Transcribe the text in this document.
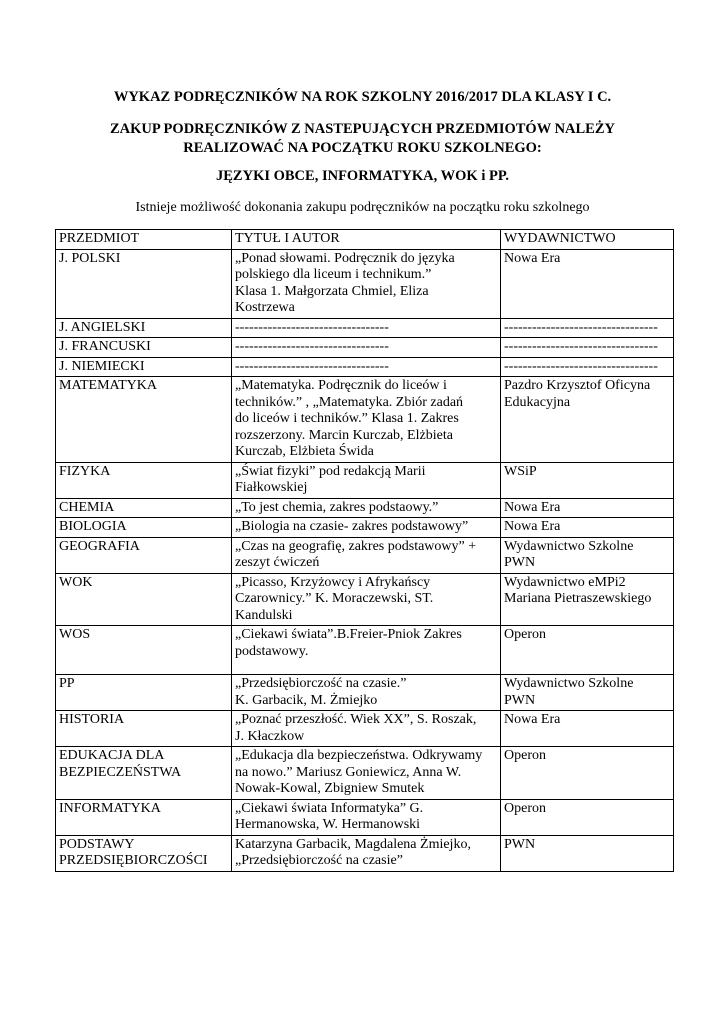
WYKAZ PODRĘCZNIKÓW NA ROK SZKOLNY 2016/2017 DLA KLASY I C.
ZAKUP PODRĘCZNIKÓW Z NASTEPUJĄCYCH PRZEDMIOTÓW NALEŻY
REALIZOWAĆ NA POCZĄTKU ROKU SZKOLNEGO:
JĘZYKI OBCE, INFORMATYKA, WOK i PP.

Istnieje możliwość dokonania zakupu podręczników na początku roku szkolnego

PRZEDMIOT	TYTUŁ I AUTOR	WYDAWNICTWO
J. POLSKI	„Ponad słowami. Podręcznik do języka
polskiego dla liceum i technikum.”
Klasa 1. Małgorzata Chmiel, Eliza
Kostrzewa	Nowa Era
J. ANGIELSKI	---------------------------------	---------------------------------
J. FRANCUSKI	---------------------------------	---------------------------------
J. NIEMIECKI	---------------------------------	---------------------------------
MATEMATYKA	„Matematyka. Podręcznik do liceów i
techników.” , „Matematyka. Zbiór zadań
do liceów i techników.” Klasa 1. Zakres
rozszerzony. Marcin Kurczab, Elżbieta
Kurczab, Elżbieta Świda	Pazdro Krzysztof Oficyna
Edukacyjna
FIZYKA	„Świat fizyki” pod redakcją Marii
Fiałkowskiej	WSiP
CHEMIA	„To jest chemia, zakres podstaowy.”	Nowa Era
BIOLOGIA	„Biologia na czasie- zakres podstawowy”	Nowa Era
GEOGRAFIA	„Czas na geografię, zakres podstawowy” +
zeszyt ćwiczeń	Wydawnictwo Szkolne
PWN
WOK	„Picasso, Krzyżowcy i Afrykańscy
Czarownicy.” K. Moraczewski, ST.
Kandulski	Wydawnictwo eMPi2
Mariana Pietraszewskiego
WOS	„Ciekawi świata”.B.Freier-Pniok Zakres
podstawowy.	Operon
PP	„Przedsiębiorczość na czasie.”
K. Garbacik, M. Żmiejko	Wydawnictwo Szkolne
PWN
HISTORIA	„Poznać przeszłość. Wiek XX”, S. Roszak,
J. Kłaczkow	Nowa Era
EDUKACJA DLA
BEZPIECZEŃSTWA	„Edukacja dla bezpieczeństwa. Odkrywamy
na nowo.” Mariusz Goniewicz, Anna W.
Nowak-Kowal, Zbigniew Smutek	Operon
INFORMATYKA	„Ciekawi świata Informatyka” G.
Hermanowska, W. Hermanowski	Operon
PODSTAWY
PRZEDSIĘBIORCZOŚCI	Katarzyna Garbacik, Magdalena Żmiejko,
„Przedsiębiorczość na czasie”	PWN
